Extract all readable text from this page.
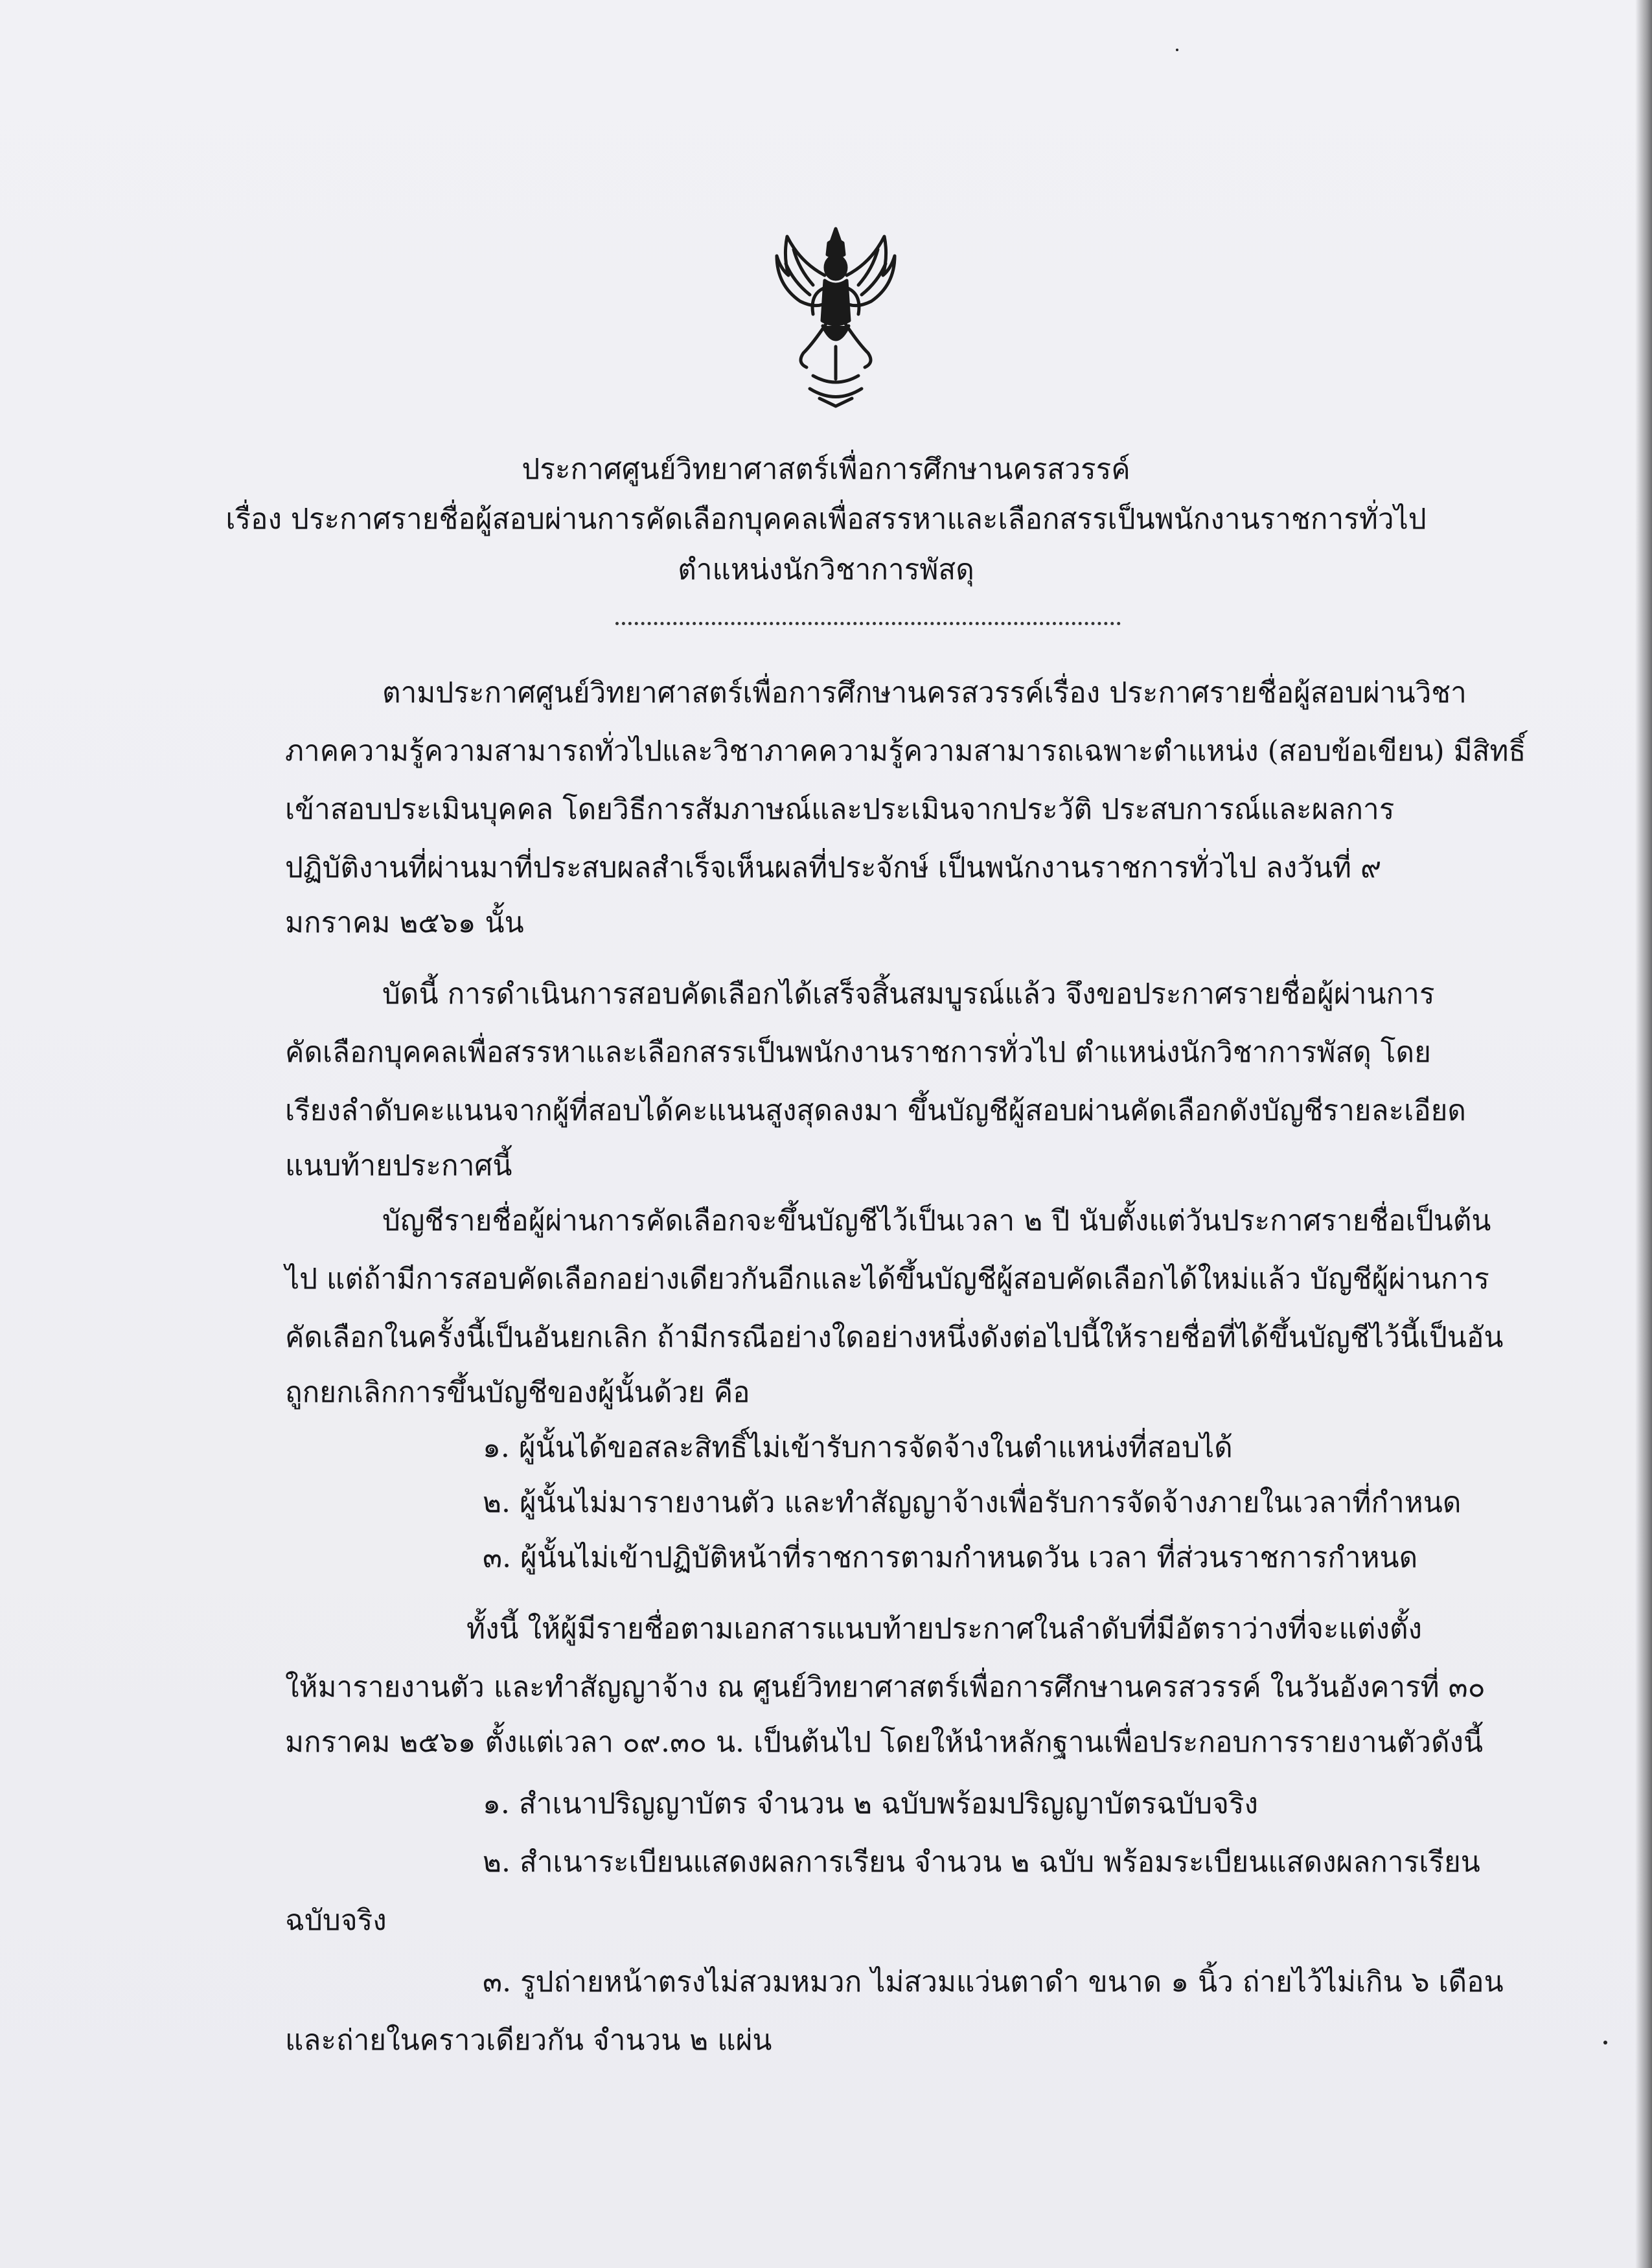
ประกาศศูนย์วิทยาศาสตร์เพื่อการศึกษานครสวรรค์
เรื่อง ประกาศรายชื่อผู้สอบผ่านการคัดเลือกบุคคลเพื่อสรรหาและเลือกสรรเป็นพนักงานราชการทั่วไป
ตำแหน่งนักวิชาการพัสดุ
ตามประกาศศูนย์วิทยาศาสตร์เพื่อการศึกษานครสวรรค์เรื่อง ประกาศรายชื่อผู้สอบผ่านวิชา
ภาคความรู้ความสามารถทั่วไปและวิชาภาคความรู้ความสามารถเฉพาะตำแหน่ง (สอบข้อเขียน) มีสิทธิ์
เข้าสอบประเมินบุคคล โดยวิธีการสัมภาษณ์และประเมินจากประวัติ ประสบการณ์และผลการ
ปฏิบัติงานที่ผ่านมาที่ประสบผลสำเร็จเห็นผลที่ประจักษ์ เป็นพนักงานราชการทั่วไป ลงวันที่ ๙
มกราคม ๒๕๖๑ นั้น
บัดนี้ การดำเนินการสอบคัดเลือกได้เสร็จสิ้นสมบูรณ์แล้ว จึงขอประกาศรายชื่อผู้ผ่านการ
คัดเลือกบุคคลเพื่อสรรหาและเลือกสรรเป็นพนักงานราชการทั่วไป ตำแหน่งนักวิชาการพัสดุ โดย
เรียงลำดับคะแนนจากผู้ที่สอบได้คะแนนสูงสุดลงมา ขึ้นบัญชีผู้สอบผ่านคัดเลือกดังบัญชีรายละเอียด
แนบท้ายประกาศนี้
บัญชีรายชื่อผู้ผ่านการคัดเลือกจะขึ้นบัญชีไว้เป็นเวลา ๒ ปี นับตั้งแต่วันประกาศรายชื่อเป็นต้น
ไป แต่ถ้ามีการสอบคัดเลือกอย่างเดียวกันอีกและได้ขึ้นบัญชีผู้สอบคัดเลือกได้ใหม่แล้ว บัญชีผู้ผ่านการ
คัดเลือกในครั้งนี้เป็นอันยกเลิก ถ้ามีกรณีอย่างใดอย่างหนึ่งดังต่อไปนี้ให้รายชื่อที่ได้ขึ้นบัญชีไว้นี้เป็นอัน
ถูกยกเลิกการขึ้นบัญชีของผู้นั้นด้วย คือ
๑. ผู้นั้นได้ขอสละสิทธิ์ไม่เข้ารับการจัดจ้างในตำแหน่งที่สอบได้
๒. ผู้นั้นไม่มารายงานตัว และทำสัญญาจ้างเพื่อรับการจัดจ้างภายในเวลาที่กำหนด
๓. ผู้นั้นไม่เข้าปฏิบัติหน้าที่ราชการตามกำหนดวัน เวลา ที่ส่วนราชการกำหนด
ทั้งนี้ ให้ผู้มีรายชื่อตามเอกสารแนบท้ายประกาศในลำดับที่มีอัตราว่างที่จะแต่งตั้ง
ให้มารายงานตัว และทำสัญญาจ้าง ณ ศูนย์วิทยาศาสตร์เพื่อการศึกษานครสวรรค์ ในวันอังคารที่ ๓๐
มกราคม ๒๕๖๑ ตั้งแต่เวลา ๐๙.๓๐ น. เป็นต้นไป โดยให้นำหลักฐานเพื่อประกอบการรายงานตัวดังนี้
๑. สำเนาปริญญาบัตร จำนวน ๒ ฉบับพร้อมปริญญาบัตรฉบับจริง
๒. สำเนาระเบียนแสดงผลการเรียน จำนวน ๒ ฉบับ พร้อมระเบียนแสดงผลการเรียน
ฉบับจริง
๓. รูปถ่ายหน้าตรงไม่สวมหมวก ไม่สวมแว่นตาดำ ขนาด ๑ นิ้ว ถ่ายไว้ไม่เกิน ๖ เดือน
และถ่ายในคราวเดียวกัน จำนวน ๒ แผ่น
